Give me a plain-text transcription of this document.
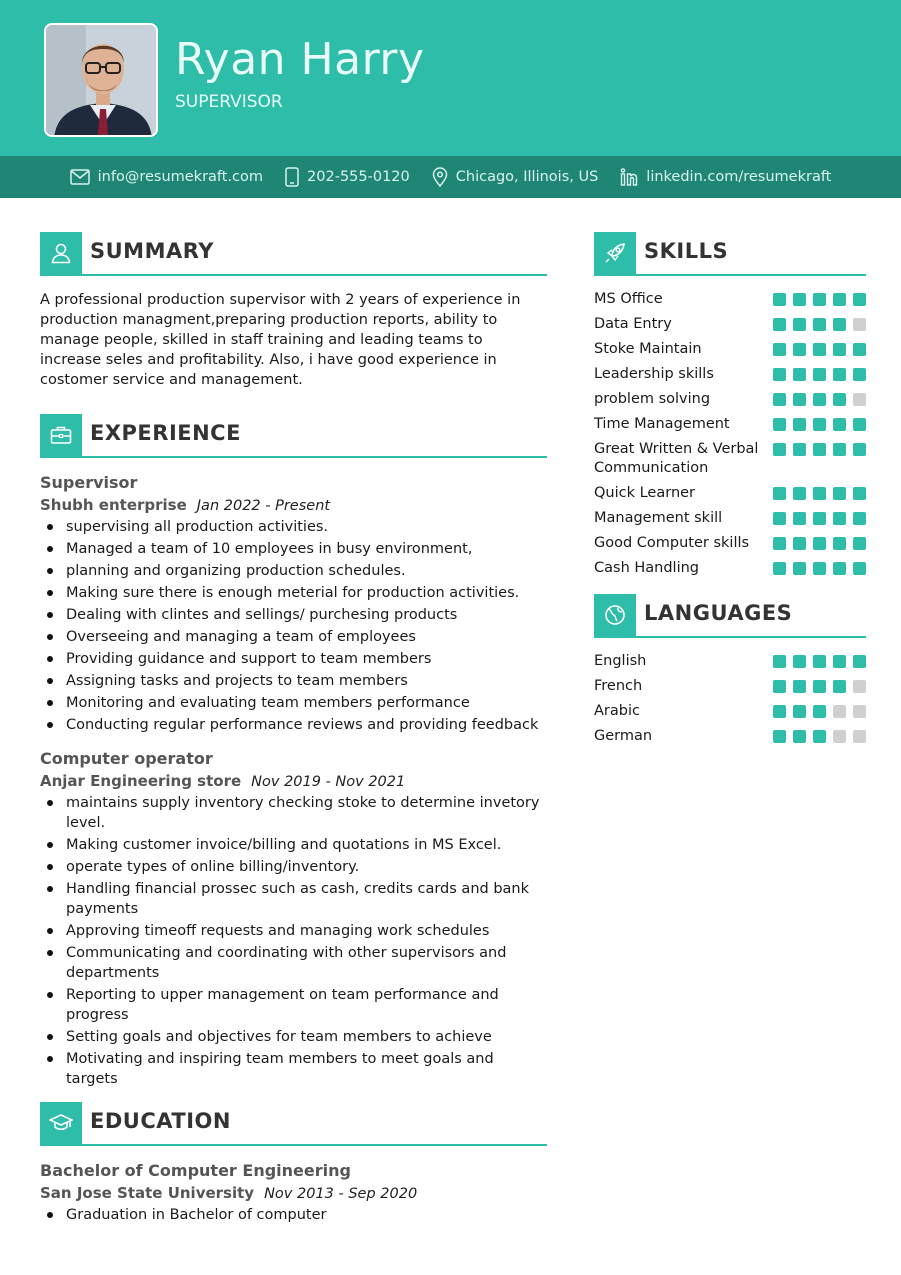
Ryan Harry
SUPERVISOR
info@resumekraft.com	202-555-0120	Chicago, Illinois, US	linkedin.com/resumekraft
SUMMARY

A professional production supervisor with 2 years of experience in production managment,preparing production reports, ability to manage people, skilled in staff training and leading teams to increase seles and profitability. Also, i have good experience in costomer service and management.

EXPERIENCE
Supervisor
Shubh enterprise Jan 2022 - Present
supervising all production activities.
Managed a team of 10 employees in busy environment,
planning and organizing production schedules.
Making sure there is enough meterial for production activities.
Dealing with clintes and sellings/ purchesing products
Overseeing and managing a team of employees
Providing guidance and support to team members
Assigning tasks and projects to team members
Monitoring and evaluating team members performance
Conducting regular performance reviews and providing feedback
Computer operator
Anjar Engineering store Nov 2019 - Nov 2021
maintains supply inventory checking stoke to determine invetory level.
Making customer invoice/billing and quotations in MS Excel.
operate types of online billing/inventory.
Handling financial prossec such as cash, credits cards and bank payments
Approving timeoff requests and managing work schedules
Communicating and coordinating with other supervisors and departments
Reporting to upper management on team performance and progress
Setting goals and objectives for team members to achieve
Motivating and inspiring team members to meet goals and targets
EDUCATION
Bachelor of Computer Engineering
San Jose State University Nov 2013 - Sep 2020
Graduation in Bachelor of computer
SKILLS
MS Office
Data Entry
Stoke Maintain
Leadership skills
problem solving
Time Management
Great Written & Verbal Communication
Quick Learner
Management skill
Good Computer skills
Cash Handling
LANGUAGES
English
French
Arabic
German
